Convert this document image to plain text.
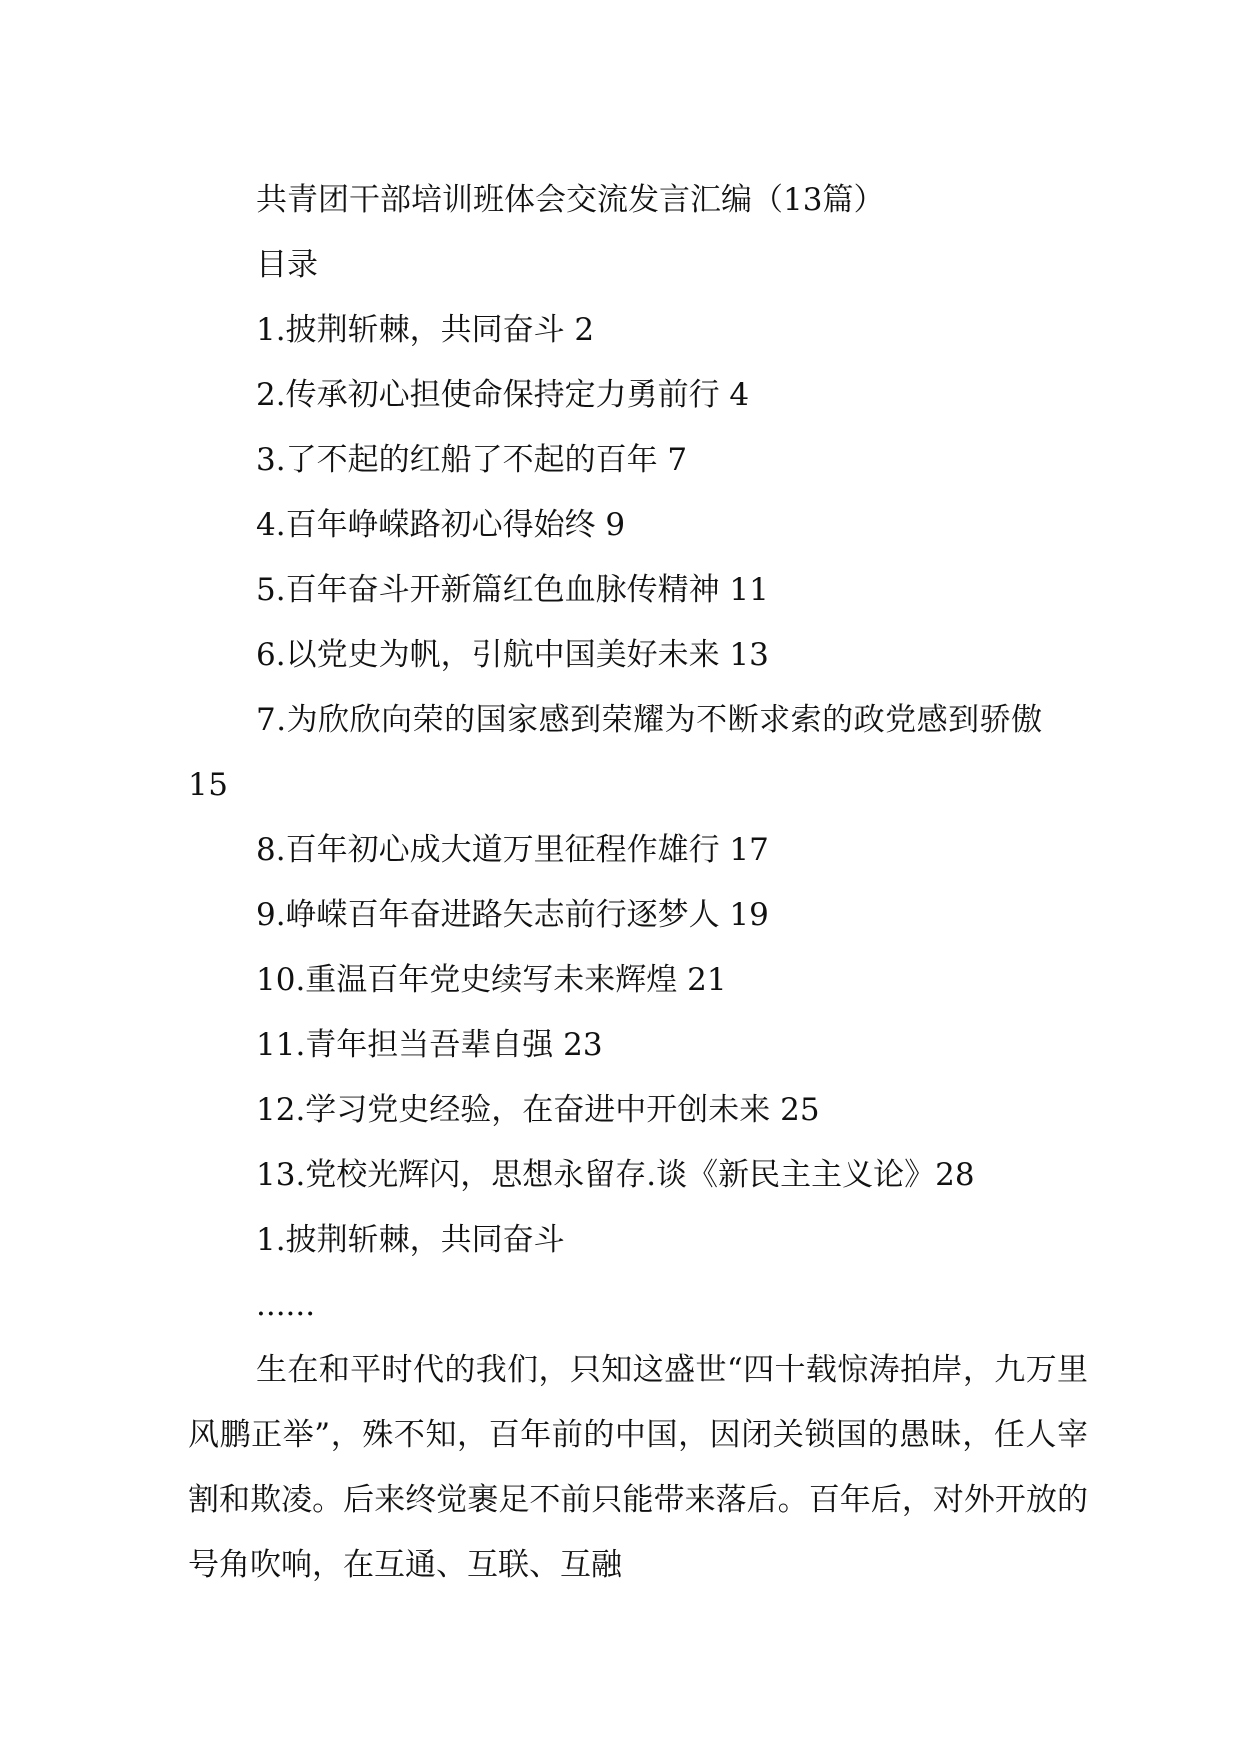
共青团干部培训班体会交流发言汇编（13篇）

目录

1.披荆斩棘，共同奋斗 2

2.传承初心担使命保持定力勇前行 4

3.了不起的红船了不起的百年 7

4.百年峥嵘路初心得始终 9

5.百年奋斗开新篇红色血脉传精神 11

6.以党史为帆，引航中国美好未来 13

7.为欣欣向荣的国家感到荣耀为不断求索的政党感到骄傲 15

8.百年初心成大道万里征程作雄行 17

9.峥嵘百年奋进路矢志前行逐梦人 19

10.重温百年党史续写未来辉煌 21

11.青年担当吾辈自强 23

12.学习党史经验，在奋进中开创未来 25

13.党校光辉闪，思想永留存.谈《新民主主义论》28

1.披荆斩棘，共同奋斗

......

生在和平时代的我们，只知这盛世“四十载惊涛拍岸，九万里风鹏正举”，殊不知，百年前的中国，因闭关锁国的愚昧，任人宰割和欺凌。后来终觉裹足不前只能带来落后。百年后，对外开放的号角吹响，在互通、互联、互融
